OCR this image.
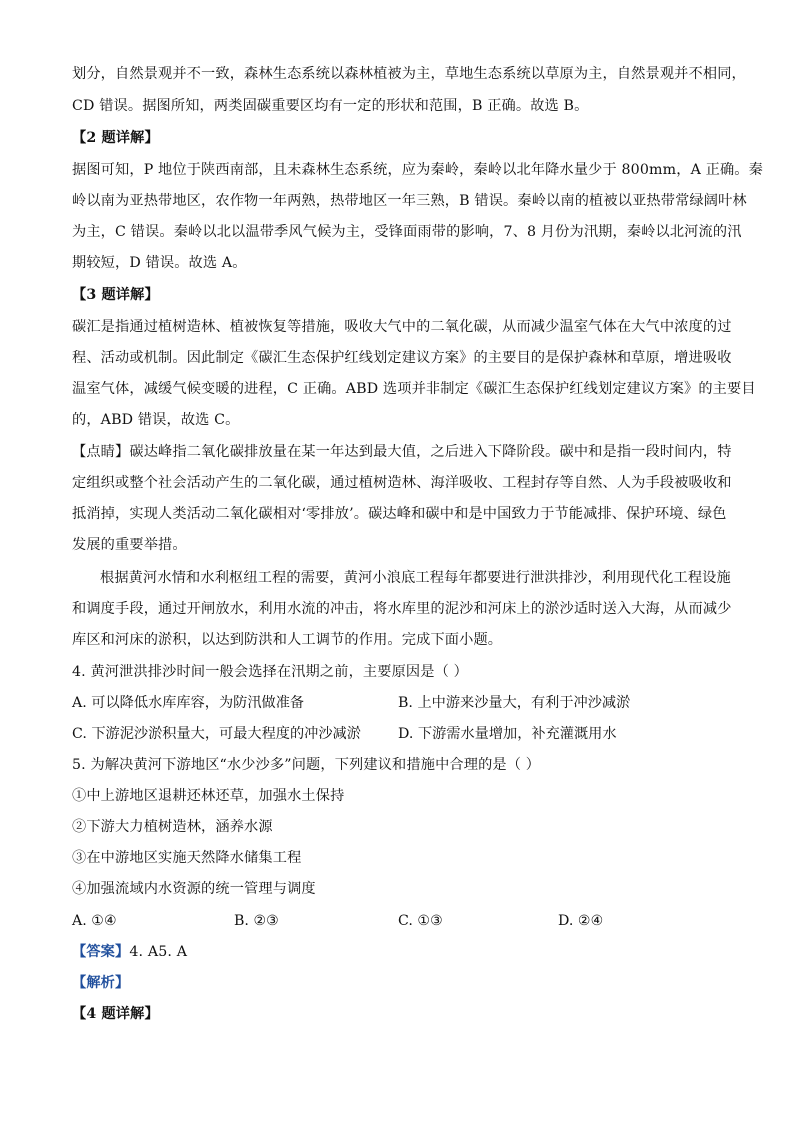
划分，自然景观并不一致，森林生态系统以森林植被为主，草地生态系统以草原为主，自然景观并不相同，
CD 错误。据图所知，两类固碳重要区均有一定的形状和范围，B 正确。故选 B。
【2 题详解】
据图可知，P 地位于陕西南部，且未森林生态系统，应为秦岭，秦岭以北年降水量少于 800mm，A 正确。秦
岭以南为亚热带地区，农作物一年两熟，热带地区一年三熟，B 错误。秦岭以南的植被以亚热带常绿阔叶林
为主，C 错误。秦岭以北以温带季风气候为主，受锋面雨带的影响，7、8 月份为汛期，秦岭以北河流的汛
期较短，D 错误。故选 A。
【3 题详解】
碳汇是指通过植树造林、植被恢复等措施，吸收大气中的二氧化碳，从而减少温室气体在大气中浓度的过
程、活动或机制。因此制定《碳汇生态保护红线划定建议方案》的主要目的是保护森林和草原，增进吸收
温室气体，减缓气候变暖的进程，C 正确。ABD 选项并非制定《碳汇生态保护红线划定建议方案》的主要目
的，ABD 错误，故选 C。
【点睛】碳达峰指二氧化碳排放量在某一年达到最大值，之后进入下降阶段。碳中和是指一段时间内，特
定组织或整个社会活动产生的二氧化碳，通过植树造林、海洋吸收、工程封存等自然、人为手段被吸收和
抵消掉，实现人类活动二氧化碳相对‘零排放’。碳达峰和碳中和是中国致力于节能减排、保护环境、绿色
发展的重要举措。
根据黄河水情和水利枢纽工程的需要，黄河小浪底工程每年都要进行泄洪排沙，利用现代化工程设施
和调度手段，通过开闸放水，利用水流的冲击，将水库里的泥沙和河床上的淤沙适时送入大海，从而减少
库区和河床的淤积，以达到防洪和人工调节的作用。完成下面小题。
4. 黄河泄洪排沙时间一般会选择在汛期之前，主要原因是（ ）
A. 可以降低水库库容，为防汛做准备	B. 上中游来沙量大，有利于冲沙减淤
C. 下游泥沙淤积量大，可最大程度的冲沙减淤	D. 下游需水量增加，补充灌溉用水
5. 为解决黄河下游地区“水少沙多”问题，下列建议和措施中合理的是（ ）
①中上游地区退耕还林还草，加强水土保持
②下游大力植树造林，涵养水源
③在中游地区实施天然降水储集工程
④加强流域内水资源的统一管理与调度
A. ①④	B. ②③	C. ①③	D. ②④
【答案】4. A5. A
【解析】
【4 题详解】
